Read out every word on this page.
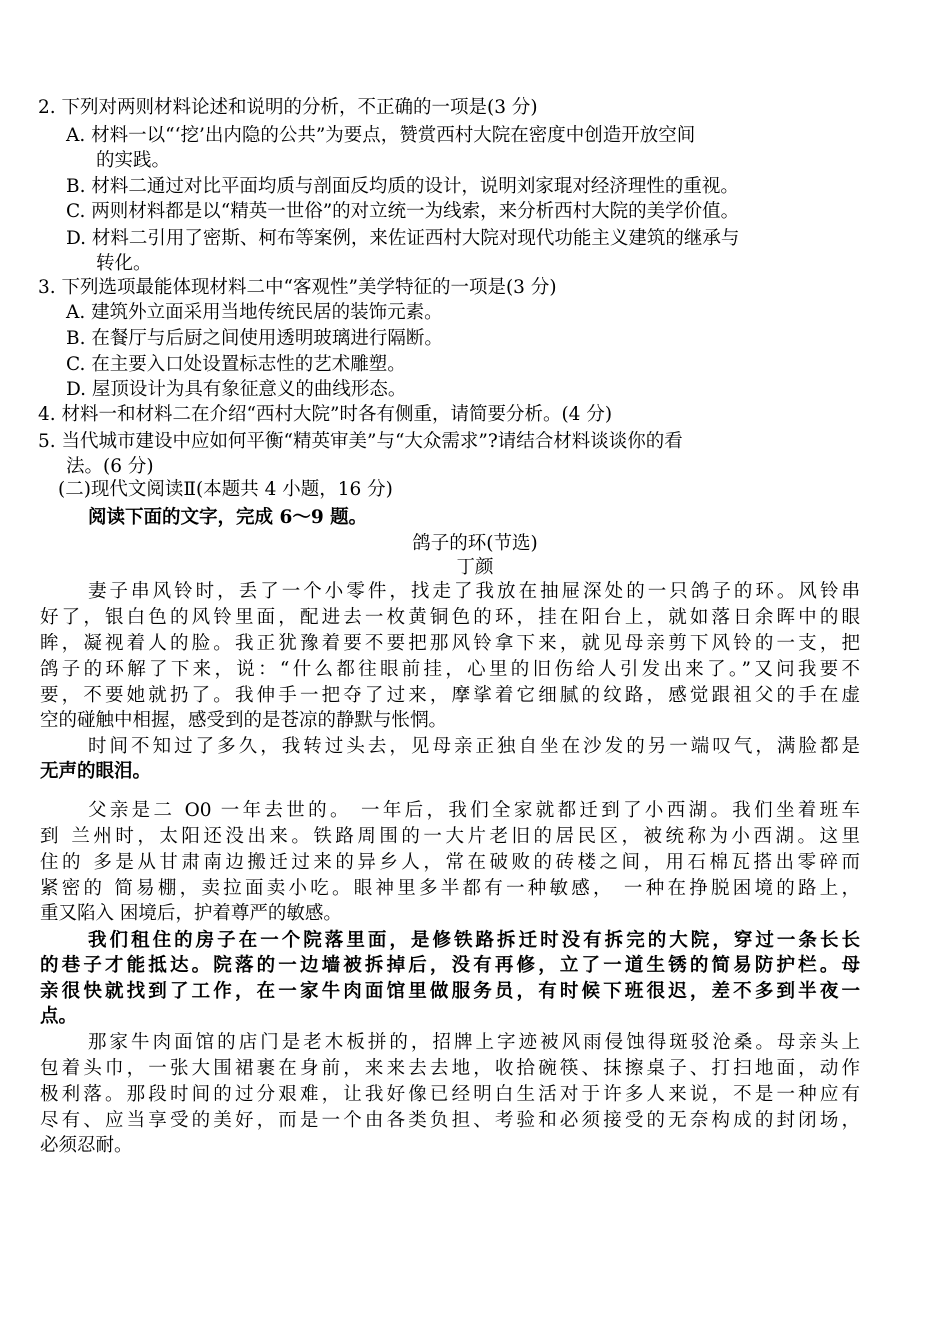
2. 下列对两则材料论述和说明的分析，不正确的一项是(3 分)
A. 材料一以“‘挖’出内隐的公共”为要点，赞赏西村大院在密度中创造开放空间
的实践。
B. 材料二通过对比平面均质与剖面反均质的设计，说明刘家琨对经济理性的重视。
C. 两则材料都是以“精英一世俗”的对立统一为线索，来分析西村大院的美学价值。
D. 材料二引用了密斯、柯布等案例，来佐证西村大院对现代功能主义建筑的继承与
转化。
3. 下列选项最能体现材料二中“客观性”美学特征的一项是(3 分)
A. 建筑外立面采用当地传统民居的装饰元素。
B. 在餐厅与后厨之间使用透明玻璃进行隔断。
C. 在主要入口处设置标志性的艺术雕塑。
D. 屋顶设计为具有象征意义的曲线形态。
4. 材料一和材料二在介绍“西村大院”时各有侧重，请简要分析。(4 分)
5. 当代城市建设中应如何平衡“精英审美”与“大众需求”?请结合材料谈谈你的看
法。(6 分)
(二)现代文阅读Ⅱ(本题共 4 小题，16 分)
阅读下面的文字，完成 6～9 题。
鸽子的环(节选)
丁颜
妻子串风铃时，丢了一个小零件，找走了我放在抽屉深处的一只鸽子的环。风铃串
好了，银白色的风铃里面，配进去一枚黄铜色的环，挂在阳台上，就如落日余晖中的眼
眸，凝视着人的脸。我正犹豫着要不要把那风铃拿下来，就见母亲剪下风铃的一支，把
鸽子的环解了下来，说：“什么都往眼前挂，心里的旧伤给人引发出来了。”又问我要不
要，不要她就扔了。我伸手一把夺了过来，摩挲着它细腻的纹路，感觉跟祖父的手在虚
空的碰触中相握，感受到的是苍凉的静默与怅惘。
时间不知过了多久，我转过头去，见母亲正独自坐在沙发的另一端叹气，满脸都是
无声的眼泪。
父亲是二 O0 一年去世的。 一年后，我们全家就都迁到了小西湖。我们坐着班车
到 兰州时，太阳还没出来。铁路周围的一大片老旧的居民区，被统称为小西湖。这里
住的 多是从甘肃南边搬迁过来的异乡人，常在破败的砖楼之间，用石棉瓦搭出零碎而
紧密的 简易棚，卖拉面卖小吃。眼神里多半都有一种敏感， 一种在挣脱困境的路上，
重又陷入 困境后，护着尊严的敏感。
我们租住的房子在一个院落里面，是修铁路拆迁时没有拆完的大院，穿过一条长长
的巷子才能抵达。院落的一边墙被拆掉后，没有再修，立了一道生锈的简易防护栏。母
亲很快就找到了工作，在一家牛肉面馆里做服务员，有时候下班很迟，差不多到半夜一
点。
那家牛肉面馆的店门是老木板拼的，招牌上字迹被风雨侵蚀得斑驳沧桑。母亲头上
包着头巾，一张大围裙裹在身前，来来去去地，收拾碗筷、抹擦桌子、打扫地面，动作
极利落。那段时间的过分艰难，让我好像已经明白生活对于许多人来说，不是一种应有
尽有、应当享受的美好，而是一个由各类负担、考验和必须接受的无奈构成的封闭场，
必须忍耐。
